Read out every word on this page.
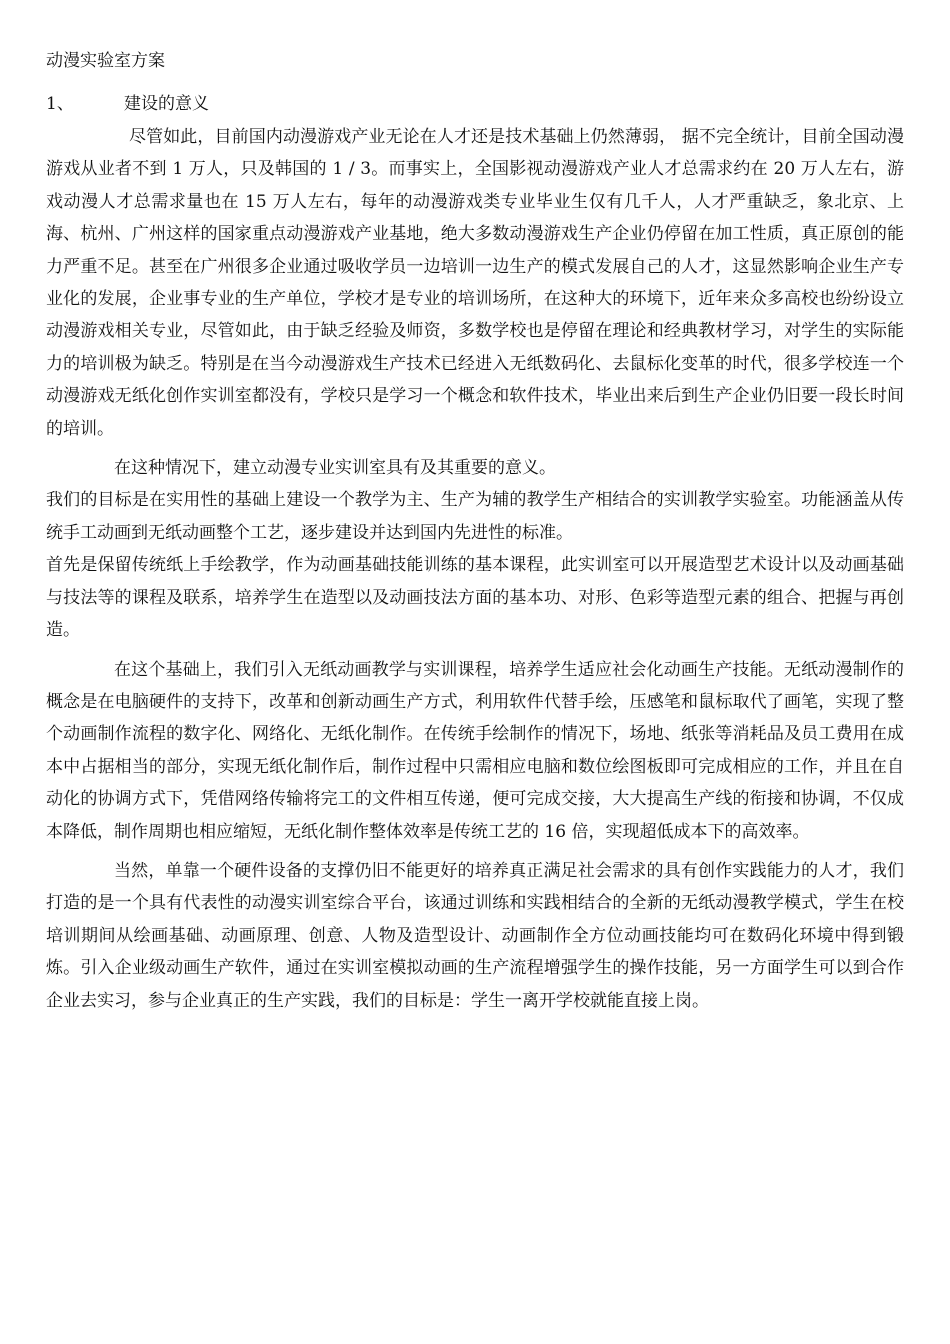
动漫实验室方案
1、	建设的意义

尽管如此，目前国内动漫游戏产业无论在人才还是技术基础上仍然薄弱， 据不完全统计，目前全国动漫游戏从业者不到 1 万人，只及韩国的 1 / 3。而事实上，全国影视动漫游戏产业人才总需求约在 20 万人左右，游戏动漫人才总需求量也在 15 万人左右，每年的动漫游戏类专业毕业生仅有几千人，人才严重缺乏，象北京、上海、杭州、广州这样的国家重点动漫游戏产业基地，绝大多数动漫游戏生产企业仍停留在加工性质，真正原创的能力严重不足。甚至在广州很多企业通过吸收学员一边培训一边生产的模式发展自己的人才，这显然影响企业生产专业化的发展，企业事专业的生产单位，学校才是专业的培训场所，在这种大的环境下，近年来众多高校也纷纷设立动漫游戏相关专业，尽管如此，由于缺乏经验及师资，多数学校也是停留在理论和经典教材学习，对学生的实际能力的培训极为缺乏。特别是在当今动漫游戏生产技术已经进入无纸数码化、去鼠标化变革的时代，很多学校连一个动漫游戏无纸化创作实训室都没有，学校只是学习一个概念和软件技术，毕业出来后到生产企业仍旧要一段长时间的培训。

在这种情况下，建立动漫专业实训室具有及其重要的意义。

我们的目标是在实用性的基础上建设一个教学为主、生产为辅的教学生产相结合的实训教学实验室。功能涵盖从传统手工动画到无纸动画整个工艺，逐步建设并达到国内先进性的标准。

首先是保留传统纸上手绘教学，作为动画基础技能训练的基本课程，此实训室可以开展造型艺术设计以及动画基础与技法等的课程及联系，培养学生在造型以及动画技法方面的基本功、对形、色彩等造型元素的组合、把握与再创造。

在这个基础上，我们引入无纸动画教学与实训课程，培养学生适应社会化动画生产技能。无纸动漫制作的概念是在电脑硬件的支持下，改革和创新动画生产方式，利用软件代替手绘，压感笔和鼠标取代了画笔，实现了整个动画制作流程的数字化、网络化、无纸化制作。在传统手绘制作的情况下，场地、纸张等消耗品及员工费用在成本中占据相当的部分，实现无纸化制作后，制作过程中只需相应电脑和数位绘图板即可完成相应的工作，并且在自动化的协调方式下，凭借网络传输将完工的文件相互传递，便可完成交接，大大提高生产线的衔接和协调，不仅成本降低，制作周期也相应缩短，无纸化制作整体效率是传统工艺的 16 倍，实现超低成本下的高效率。

当然，单靠一个硬件设备的支撑仍旧不能更好的培养真正满足社会需求的具有创作实践能力的人才，我们打造的是一个具有代表性的动漫实训室综合平台，该通过训练和实践相结合的全新的无纸动漫教学模式，学生在校培训期间从绘画基础、动画原理、创意、人物及造型设计、动画制作全方位动画技能均可在数码化环境中得到锻炼。引入企业级动画生产软件，通过在实训室模拟动画的生产流程增强学生的操作技能，另一方面学生可以到合作企业去实习，参与企业真正的生产实践，我们的目标是：学生一离开学校就能直接上岗。
